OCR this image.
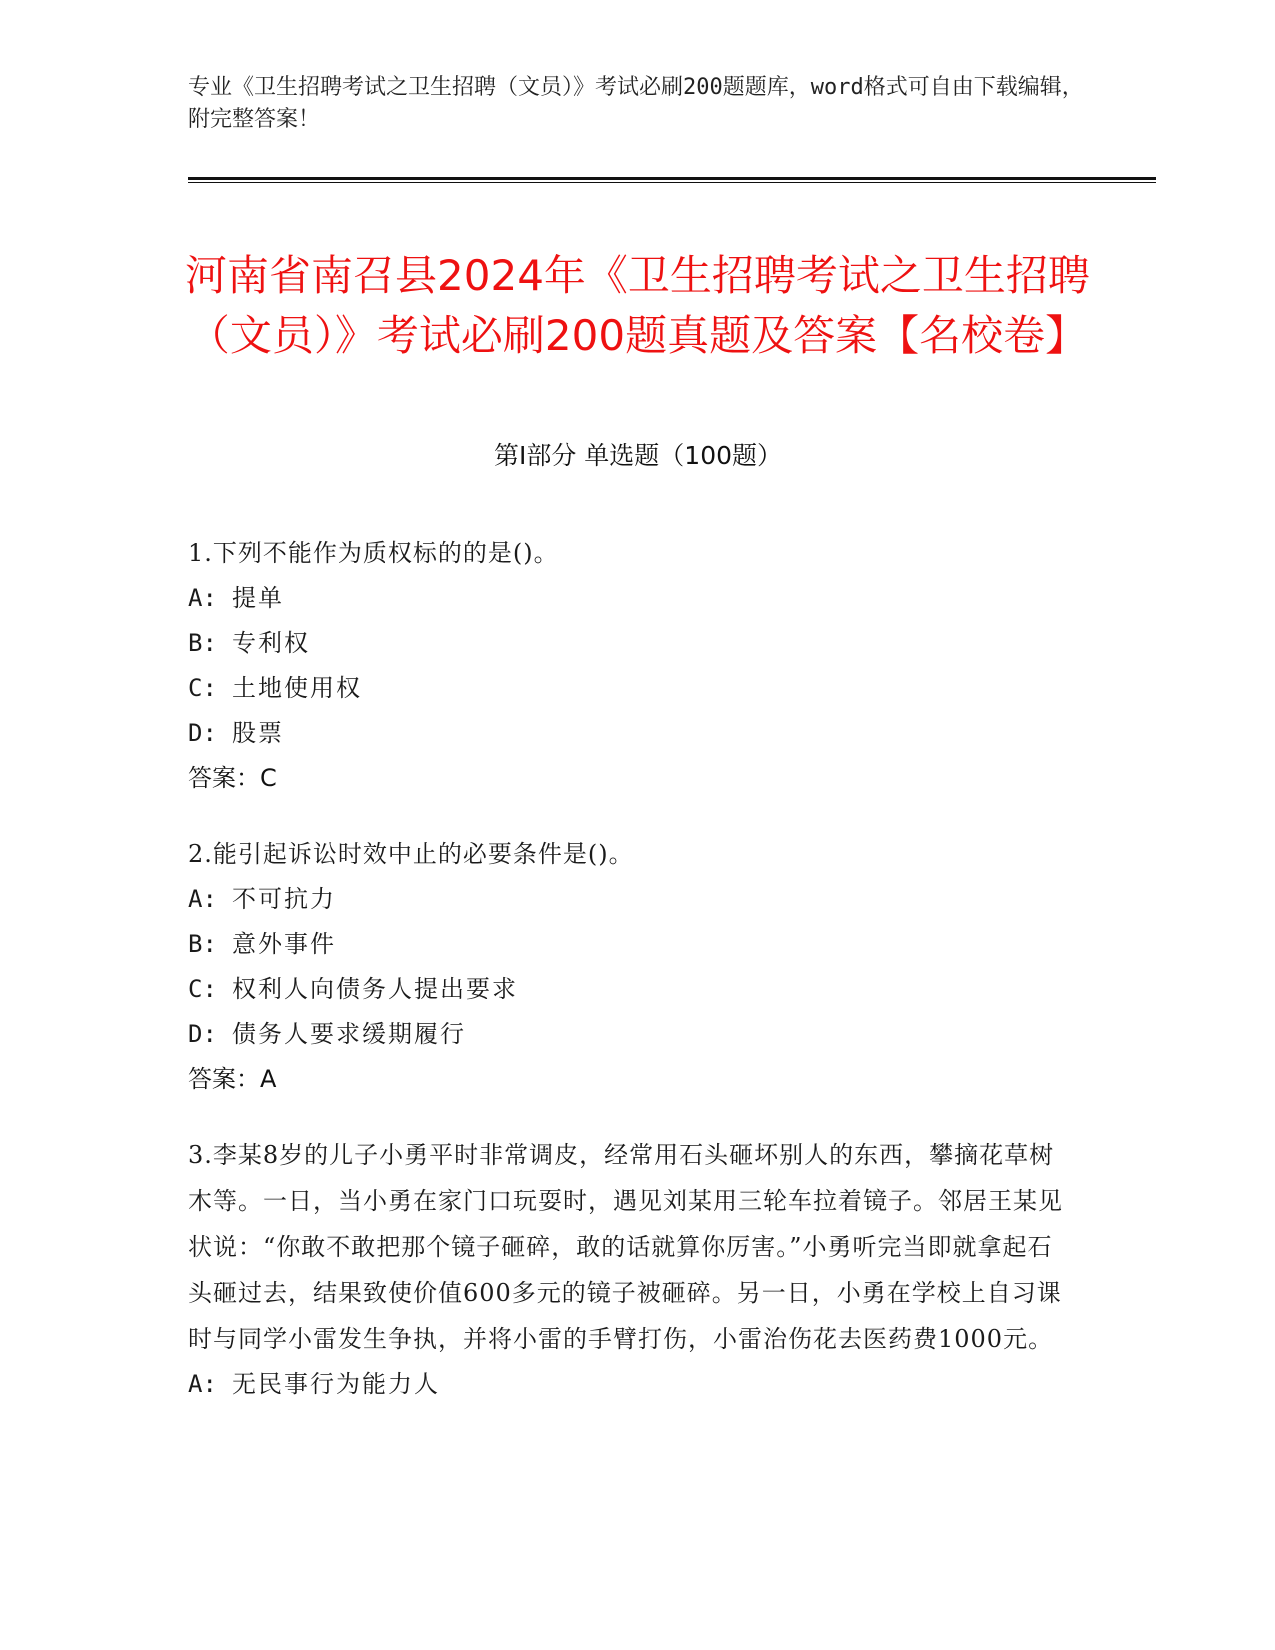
专业《卫生招聘考试之卫生招聘（文员）》考试必刷200题题库，word格式可自由下载编辑，附完整答案！
河南省南召县2024年《卫生招聘考试之卫生招聘（文员）》考试必刷200题真题及答案【名校卷】
第Ⅰ部分 单选题（100题）
1.下列不能作为质权标的的是()。
A: 提单
B: 专利权
C: 土地使用权
D: 股票
答案：C
2.能引起诉讼时效中止的必要条件是()。
A: 不可抗力
B: 意外事件
C: 权利人向债务人提出要求
D: 债务人要求缓期履行
答案：A
3.李某8岁的儿子小勇平时非常调皮，经常用石头砸坏别人的东西，攀摘花草树木等。一日，当小勇在家门口玩耍时，遇见刘某用三轮车拉着镜子。邻居王某见状说：“你敢不敢把那个镜子砸碎，敢的话就算你厉害。”小勇听完当即就拿起石头砸过去，结果致使价值600多元的镜子被砸碎。另一日，小勇在学校上自习课时与同学小雷发生争执，并将小雷的手臂打伤，小雷治伤花去医药费1000元。
A: 无民事行为能力人
